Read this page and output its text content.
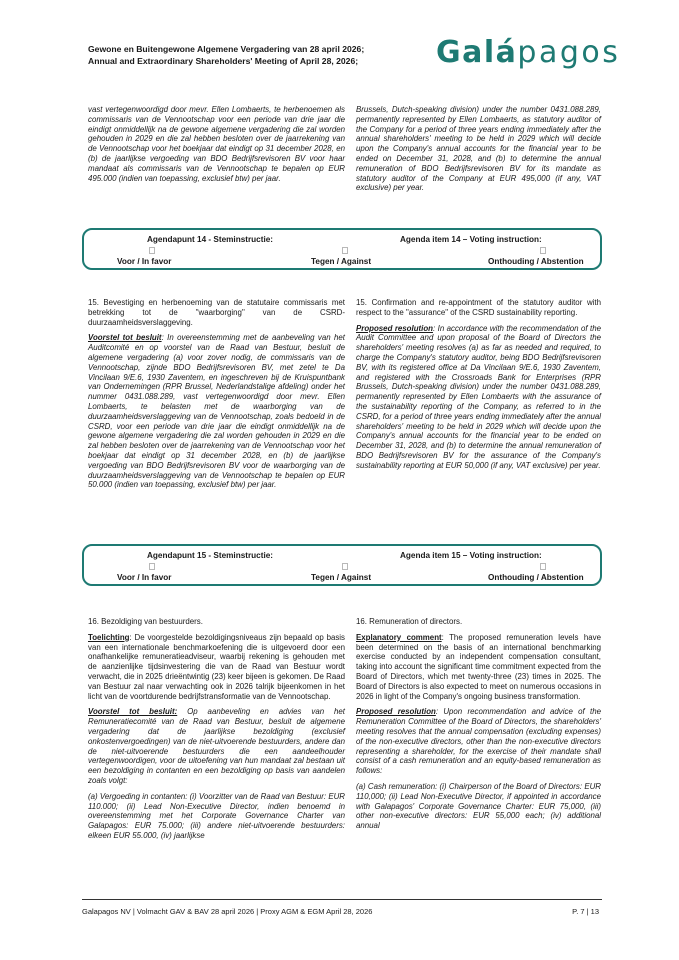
Gewone en Buitengewone Algemene Vergadering van 28 april 2026;
Annual and Extraordinary Shareholders' Meeting of April 28, 2026;	Galápagos
vast vertegenwoordigd door mevr. Ellen Lombaerts, te herbenoemen als commissaris van de Vennootschap voor een periode van drie jaar die eindigt onmiddellijk na de gewone algemene vergadering die zal worden gehouden in 2029 en die zal hebben besloten over de jaarrekening van de Vennootschap voor het boekjaar dat eindigt op 31 december 2028, en (b) de jaarlijkse vergoeding van BDO Bedrijfsrevisoren BV voor haar mandaat als commissaris van de Vennootschap te bepalen op EUR 495.000 (indien van toepassing, exclusief btw) per jaar.
Brussels, Dutch-speaking division) under the number 0431.088.289, permanently represented by Ellen Lombaerts, as statutory auditor of the Company for a period of three years ending immediately after the annual shareholders' meeting to be held in 2029 which will decide upon the Company's annual accounts for the financial year to be ended on December 31, 2028, and (b) to determine the annual remuneration of BDO Bedrijfsrevisoren BV for its mandate as statutory auditor of the Company at EUR 495,000 (if any, VAT exclusive) per year.
Agendapunt 14 - Steminstructie:	Agenda item 14 – Voting instruction:
Voor / In favor	Tegen / Against	Onthouding / Abstention

15. Bevestiging en herbenoeming van de statutaire commissaris met betrekking tot de "waarborging" van de CSRD-duurzaamheidsverslaggeving.

Voorstel tot besluit: In overeenstemming met de aanbeveling van het Auditcomité en op voorstel van de Raad van Bestuur, besluit de algemene vergadering (a) voor zover nodig, de commissaris van de Vennootschap, zijnde BDO Bedrijfsrevisoren BV, met zetel te Da Vincilaan 9/E.6, 1930 Zaventem, en ingeschreven bij de Kruispuntbank van Ondernemingen (RPR Brussel, Nederlandstalige afdeling) onder het nummer 0431.088.289, vast vertegenwoordigd door mevr. Ellen Lombaerts, te belasten met de waarborging van de duurzaamheidsverslaggeving van de Vennootschap, zoals bedoeld in de CSRD, voor een periode van drie jaar die eindigt onmiddellijk na de gewone algemene vergadering die zal worden gehouden in 2029 en die zal hebben besloten over de jaarrekening van de Vennootschap voor het boekjaar dat eindigt op 31 december 2028, en (b) de jaarlijkse vergoeding van BDO Bedrijfsrevisoren BV voor de waarborging van de duurzaamheidsverslaggeving van de Vennootschap te bepalen op EUR 50.000 (indien van toepassing, exclusief btw) per jaar.

15. Confirmation and re-appointment of the statutory auditor with respect to the "assurance" of the CSRD sustainability reporting.

Proposed resolution: In accordance with the recommendation of the Audit Committee and upon proposal of the Board of Directors the shareholders' meeting resolves (a) as far as needed and required, to charge the Company's statutory auditor, being BDO Bedrijfsrevisoren BV, with its registered office at Da Vincilaan 9/E.6, 1930 Zaventem, and registered with the Crossroads Bank for Enterprises (RPR Brussels, Dutch-speaking division) under the number 0431.088.289, permanently represented by Ellen Lombaerts with the assurance of the sustainability reporting of the Company, as referred to in the CSRD, for a period of three years ending immediately after the annual shareholders' meeting to be held in 2029 which will decide upon the Company's annual accounts for the financial year to be ended on December 31, 2028, and (b) to determine the annual remuneration of BDO Bedrijfsrevisoren BV for the assurance of the Company's sustainability reporting at EUR 50,000 (if any, VAT exclusive) per year.

Agendapunt 15 - Steminstructie:	Agenda item 15 – Voting instruction:
Voor / In favor	Tegen / Against	Onthouding / Abstention

16. Bezoldiging van bestuurders.

Toelichting: De voorgestelde bezoldigingsniveaus zijn bepaald op basis van een internationale benchmarkoefening die is uitgevoerd door een onafhankelijke remuneratieadviseur, waarbij rekening is gehouden met de aanzienlijke tijdsinvestering die van de Raad van Bestuur wordt verwacht, die in 2025 drieëntwintig (23) keer bijeen is gekomen. De Raad van Bestuur zal naar verwachting ook in 2026 talrijk bijeenkomen in het licht van de voortdurende bedrijfstransformatie van de Vennootschap.

Voorstel tot besluit: Op aanbeveling en advies van het Remuneratiecomité van de Raad van Bestuur, besluit de algemene vergadering dat de jaarlijkse bezoldiging (exclusief onkostenvergoedingen) van de niet-uitvoerende bestuurders, andere dan de niet-uitvoerende bestuurders die een aandeelhouder vertegenwoordigen, voor de uitoefening van hun mandaat zal bestaan uit een bezoldiging in contanten en een bezoldiging op basis van aandelen zoals volgt:

(a) Vergoeding in contanten: (i) Voorzitter van de Raad van Bestuur: EUR 110.000; (ii) Lead Non-Executive Director, indien benoemd in overeenstemming met het Corporate Governance Charter van Galapagos: EUR 75.000; (iii) andere niet-uitvoerende bestuurders: elkeen EUR 55.000, (iv) jaarlijkse

16. Remuneration of directors.

Explanatory comment: The proposed remuneration levels have been determined on the basis of an international benchmarking exercise conducted by an independent compensation consultant, taking into account the significant time commitment expected from the Board of Directors, which met twenty-three (23) times in 2025. The Board of Directors is also expected to meet on numerous occasions in 2026 in light of the Company's ongoing business transformation.

Proposed resolution: Upon recommendation and advice of the Remuneration Committee of the Board of Directors, the shareholders' meeting resolves that the annual compensation (excluding expenses) of the non-executive directors, other than the non-executive directors representing a shareholder, for the exercise of their mandate shall consist of a cash remuneration and an equity-based remuneration as follows:

(a) Cash remuneration: (i) Chairperson of the Board of Directors: EUR 110,000; (ii) Lead Non-Executive Director, if appointed in accordance with Galapagos' Corporate Governance Charter: EUR 75,000, (iii) other non-executive directors: EUR 55,000 each; (iv) additional annual

Galapagos NV | Volmacht GAV & BAV 28 april 2026 | Proxy AGM & EGM April 28, 2026	P. 7 | 13
